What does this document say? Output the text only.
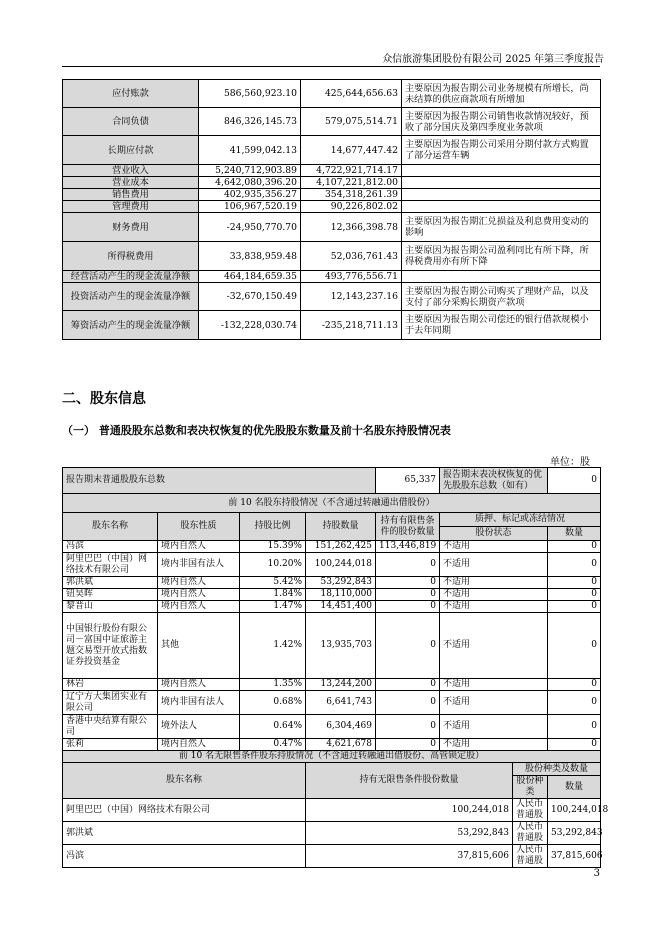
众信旅游集团股份有限公司 2025 年第三季度报告
应付账款	586,560,923.10	425,644,656.63	主要原因为报告期公司业务规模有所增长，尚未结算的供应商款项有所增加
合同负债	846,326,145.73	579,075,514.71	主要原因为报告期公司销售收款情况较好，预收了部分国庆及第四季度业务款项
长期应付款	41,599,042.13	14,677,447.42	主要原因为报告期公司采用分期付款方式购置了部分运营车辆
营业收入	5,240,712,903.89	4,722,921,714.17	
营业成本	4,642,080,396.20	4,107,221,812.00	
销售费用	402,935,356.27	354,318,261.39	
管理费用	106,967,520.19	90,226,802.02	
财务费用	-24,950,770.70	12,366,398.78	主要原因为报告期汇兑损益及利息费用变动的影响
所得税费用	33,838,959.48	52,036,761.43	主要原因为报告期公司盈利同比有所下降，所得税费用亦有所下降
经营活动产生的现金流量净额	464,184,659.35	493,776,556.71	
投资活动产生的现金流量净额	-32,670,150.49	12,143,237.16	主要原因为报告期公司购买了理财产品，以及支付了部分采购长期资产款项
筹资活动产生的现金流量净额	-132,228,030.74	-235,218,711.13	主要原因为报告期公司偿还的银行借款规模小于去年同期
二、股东信息
（一） 普通股股东总数和表决权恢复的优先股股东数量及前十名股东持股情况表
单位：股
报告期末普通股股东总数				65,337	报告期末表决权恢复的优先股股东总数（如有）		0
前 10 名股东持股情况（不含通过转融通出借股份）							
股东名称	股东性质	持股比例	持股数量	持有有限售条件的股份数量	质押、标记或冻结情况		
					股份状态		数量
冯滨	境内自然人	15.39%	151,262,425	113,446,819	不适用		0
阿里巴巴（中国）网络技术有限公司	境内非国有法人	10.20%	100,244,018	0	不适用		0
郭洪斌	境内自然人	5.42%	53,292,843	0	不适用		0
钮昊晖	境内自然人	1.84%	18,110,000	0	不适用		0
黎晋山	境内自然人	1.47%	14,451,400	0	不适用		0
中国银行股份有限公司－富国中证旅游主题交易型开放式指数证券投资基金	其他	1.42%	13,935,703	0	不适用		0
林岩	境内自然人	1.35%	13,244,200	0	不适用		0
辽宁方大集团实业有限公司	境内非国有法人	0.68%	6,641,743	0	不适用		0
香港中央结算有限公司	境外法人	0.64%	6,304,469	0	不适用		0
张莉	境内自然人	0.47%	4,621,678	0	不适用		0
前 10 名无限售条件股东持股情况（不含通过转融通出借股份、高管锁定股）							
股东名称			持有无限售条件股份数量			股份种类及数量	
						股份种类	数量
阿里巴巴（中国）网络技术有限公司			100,244,018			人民币普通股	100,244,018
郭洪斌			53,292,843			人民币普通股	53,292,843
冯滨			37,815,606			人民币普通股	37,815,606
3
